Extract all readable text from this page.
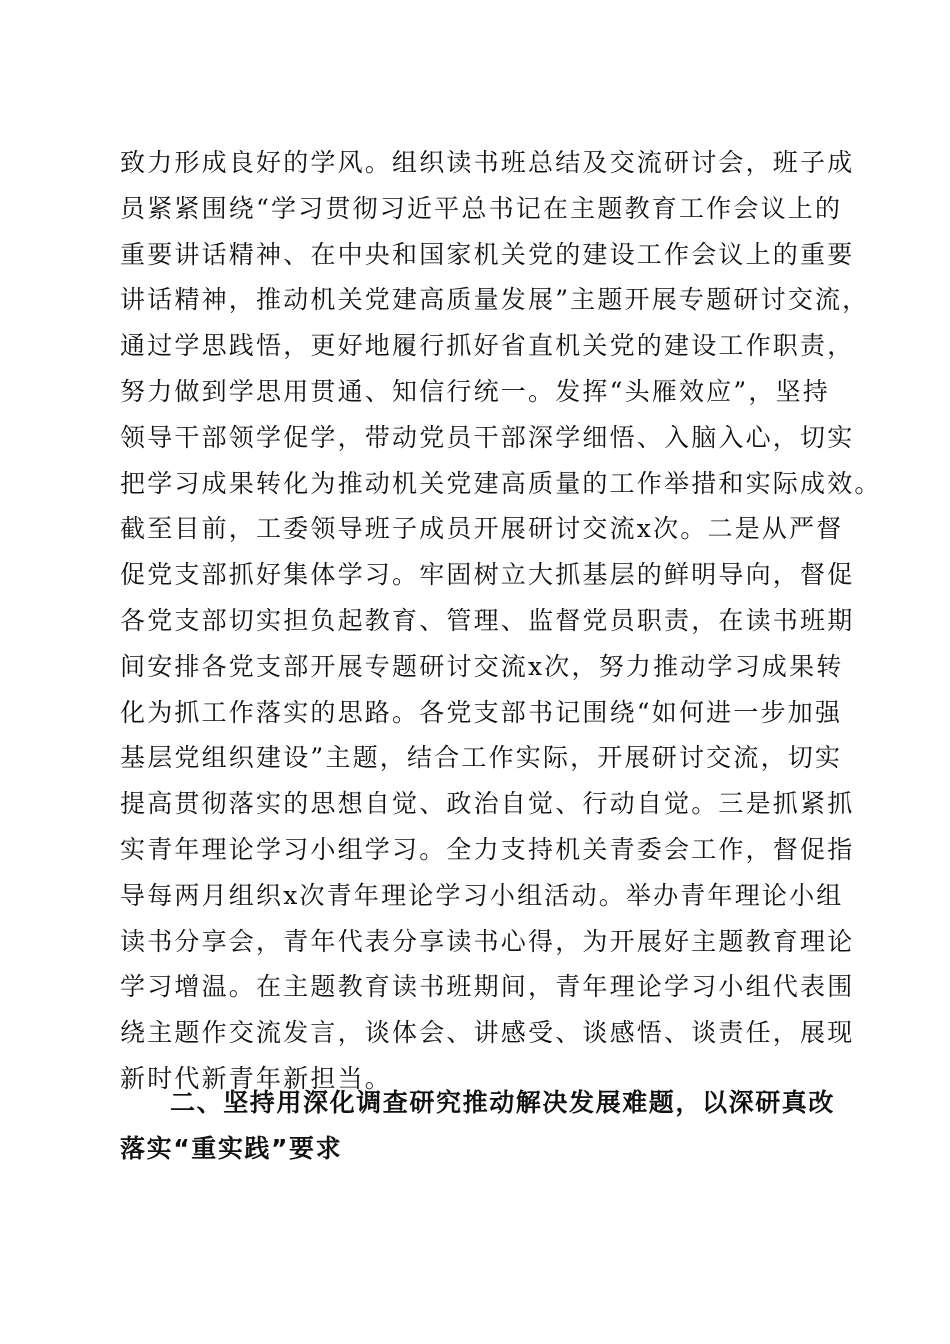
致力形成良好的学风。组织读书班总结及交流研讨会，班子成
员紧紧围绕“学习贯彻习近平总书记在主题教育工作会议上的
重要讲话精神、在中央和国家机关党的建设工作会议上的重要
讲话精神，推动机关党建高质量发展”主题开展专题研讨交流，
通过学思践悟，更好地履行抓好省直机关党的建设工作职责，
努力做到学思用贯通、知信行统一。发挥“头雁效应”，坚持
领导干部领学促学，带动党员干部深学细悟、入脑入心，切实
把学习成果转化为推动机关党建高质量的工作举措和实际成效。
截至目前，工委领导班子成员开展研讨交流x次。二是从严督
促党支部抓好集体学习。牢固树立大抓基层的鲜明导向，督促
各党支部切实担负起教育、管理、监督党员职责，在读书班期
间安排各党支部开展专题研讨交流x次，努力推动学习成果转
化为抓工作落实的思路。各党支部书记围绕“如何进一步加强
基层党组织建设”主题，结合工作实际，开展研讨交流，切实
提高贯彻落实的思想自觉、政治自觉、行动自觉。三是抓紧抓
实青年理论学习小组学习。全力支持机关青委会工作，督促指
导每两月组织x次青年理论学习小组活动。举办青年理论小组
读书分享会，青年代表分享读书心得，为开展好主题教育理论
学习增温。在主题教育读书班期间，青年理论学习小组代表围
绕主题作交流发言，谈体会、讲感受、谈感悟、谈责任，展现
新时代新青年新担当。
二、坚持用深化调查研究推动解决发展难题，以深研真改
落实“重实践”要求
